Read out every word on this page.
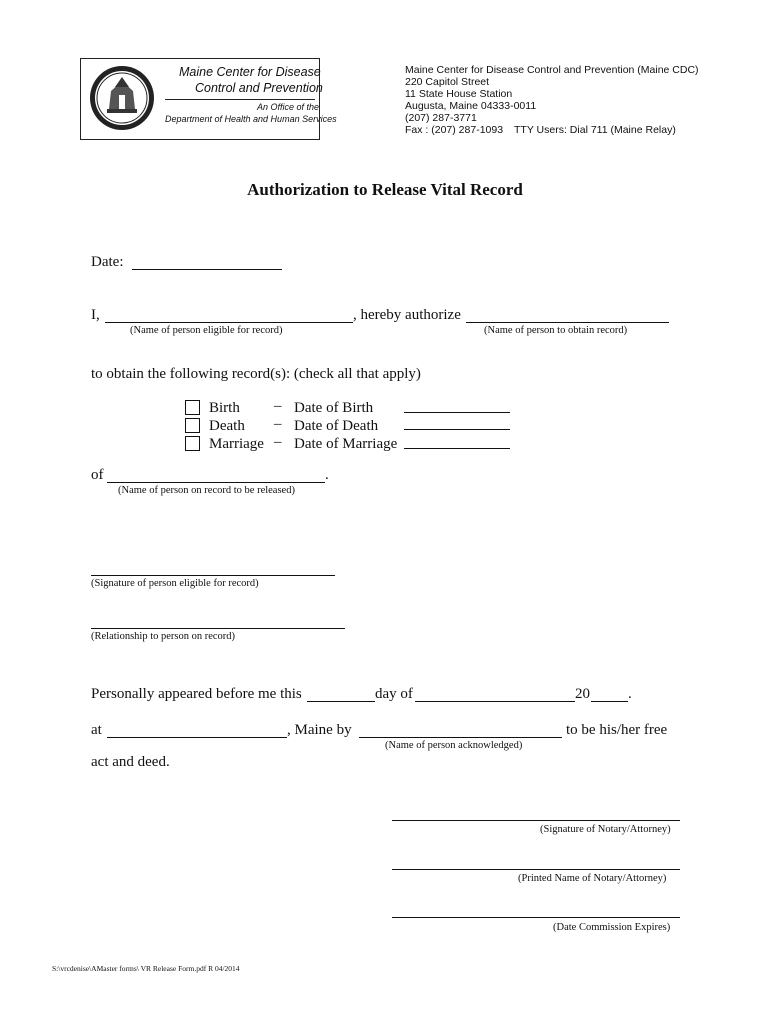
Maine Center for Disease
Control and Prevention
An Office of the
Department of Health and Human Services
Maine Center for Disease Control and Prevention (Maine CDC)
220 Capitol Street
11 State House Station
Augusta, Maine 04333-0011
(207) 287-3771
Fax : (207) 287-1093 TTY Users: Dial 711 (Maine Relay)
Authorization to Release Vital Record
Date:
I,	, hereby authorize
(Name of person eligible for record)	(Name of person to obtain record)
to obtain the following record(s): (check all that apply)
Birth – Date of Birth
Death – Date of Death
Marriage – Date of Marriage
of	.
(Name of person on record to be released)
(Signature of person eligible for record)
(Relationship to person on record)
Personally appeared before me this	day of	20	.
at	, Maine by	to be his/her free
(Name of person acknowledged)
act and deed.
(Signature of Notary/Attorney)
(Printed Name of Notary/Attorney)
(Date Commission Expires)
S:\vrcdenise\AMaster forms\ VR Release Form.pdf R 04/2014
